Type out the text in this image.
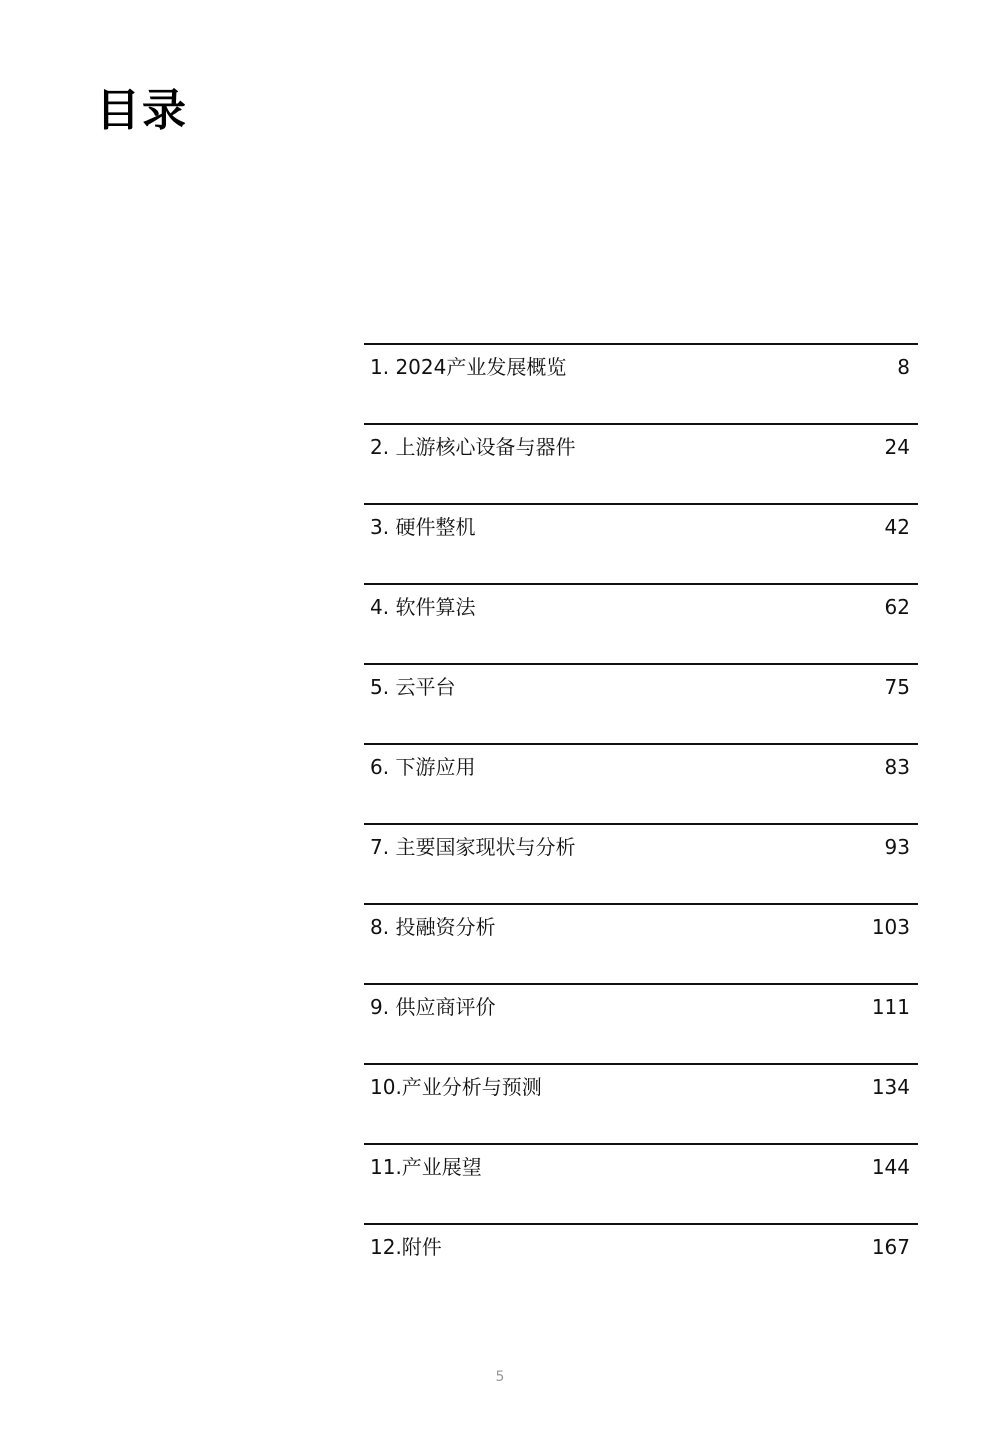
目录
1. 2024产业发展概览	8
2. 上游核心设备与器件	24
3. 硬件整机	42
4. 软件算法	62
5. 云平台	75
6. 下游应用	83
7. 主要国家现状与分析	93
8. 投融资分析	103
9. 供应商评价	111
10.产业分析与预测	134
11.产业展望	144
12.附件	167
5
